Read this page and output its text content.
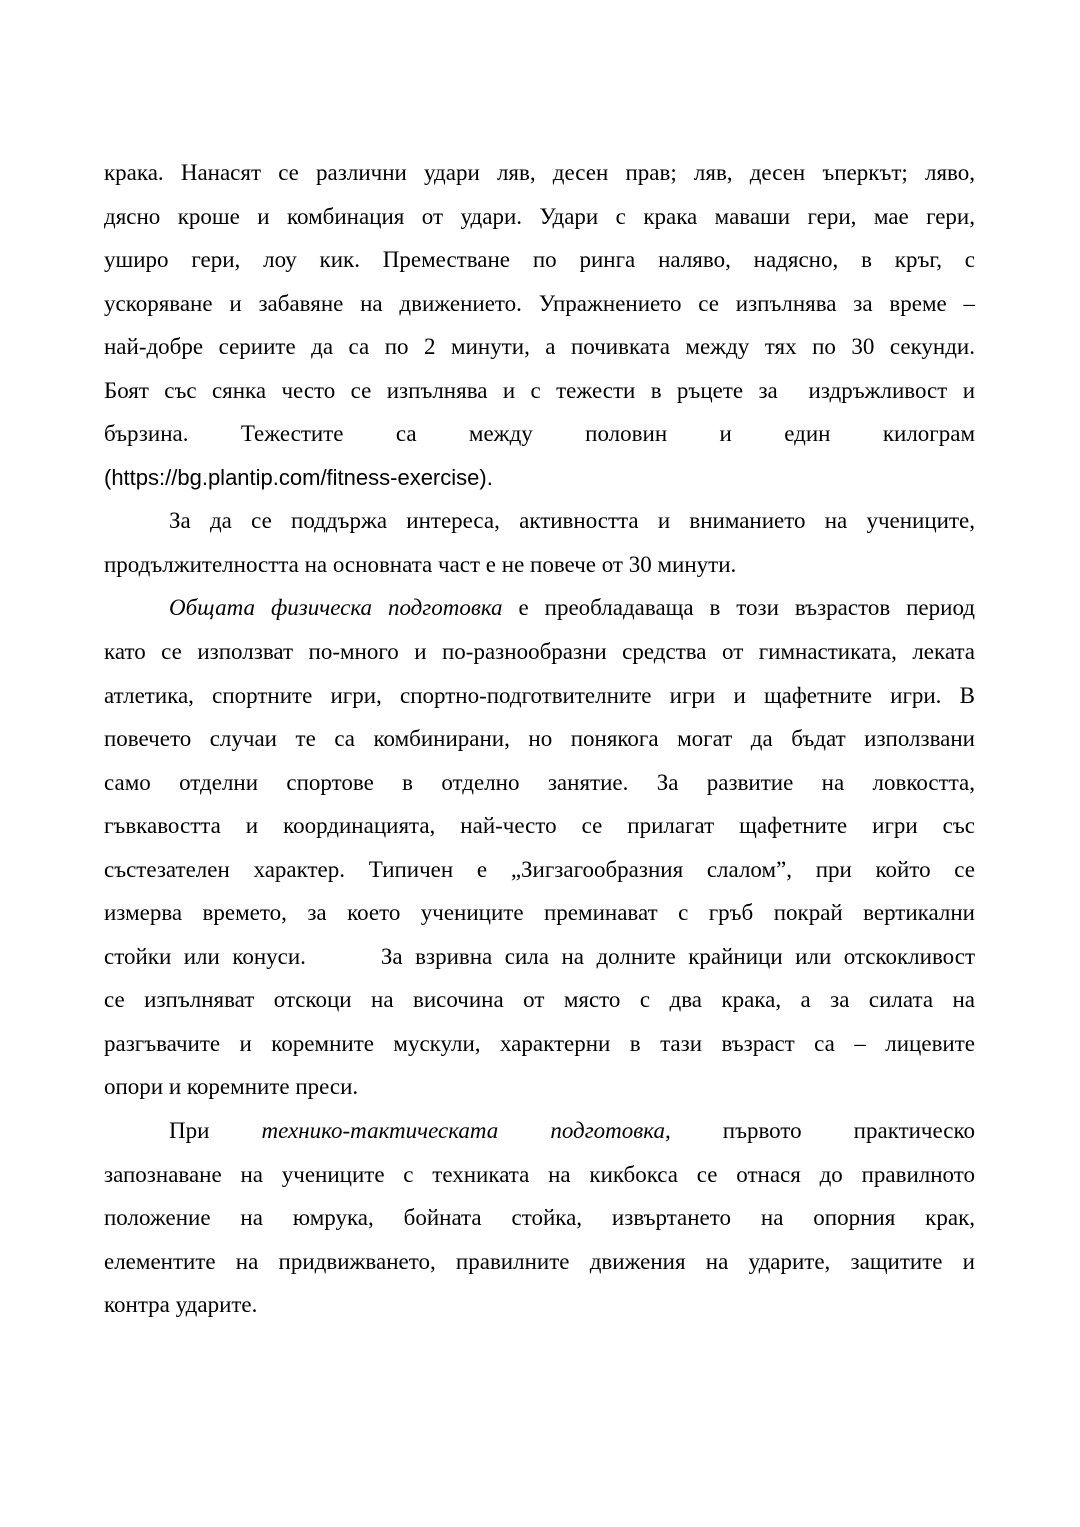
крака. Нанасят се различни удари ляв, десен прав; ляв, десен ъперкът; ляво,
дясно кроше и комбинация от удари. Удари с крака маваши гери, мае гери,
уширо гери, лоу кик. Преместване по ринга наляво, надясно, в кръг, с
ускоряване и забавяне на движението. Упражнението се изпълнява за време –
най-добре сериите да са по 2 минути, а почивката между тях по 30 секунди.
Боят със сянка често се изпълнява и с тежести в ръцете за  издръжливост и
бързина. Тежестите са между половин и един килограм
(https://bg.plantip.com/fitness-exercise).
За да се поддържа интереса, активността и вниманието на учениците,
продължителността на основната част е не повече от 30 минути.
Общата физическа подготовка е преобладаваща в този възрастов период
като се използват по-много и по-разнообразни средства от гимнастиката, леката
атлетика, спортните игри, спортно-подготвителните игри и щафетните игри. В
повечето случаи те са комбинирани, но понякога могат да бъдат използвани
само отделни спортове в отделно занятие. За развитие на ловкостта,
гъвкавостта и координацията, най-често се прилагат щафетните игри със
състезателен характер. Типичен е „Зигзагообразния слалом”, при който се
измерва времето, за което учениците преминават с гръб покрай вертикални
стойки или конуси.      За взривна сила на долните крайници или отскокливост
се изпълняват отскоци на височина от място с два крака, а за силата на
разгъвачите и коремните мускули, характерни в тази възраст са – лицевите
опори и коремните преси.
При технико-тактическата подготовка, първото практическо
запознаване на учениците с техниката на кикбокса се отнася до правилното
положение на юмрука, бойната стойка, извъртането на опорния крак,
елементите на придвижването, правилните движения на ударите, защитите и
контра ударите.
